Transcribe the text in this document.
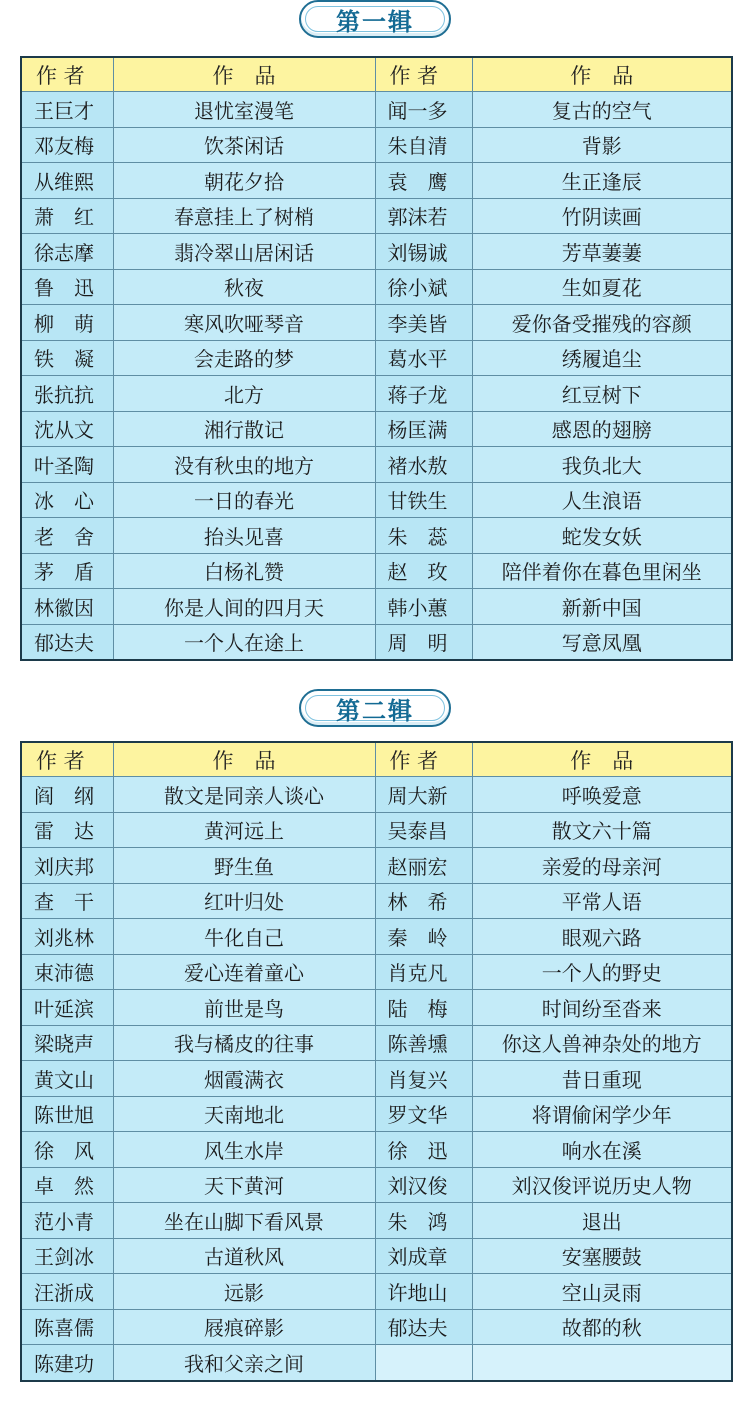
第一辑
作 者	作　品	作 者	作　品
王巨才	退忧室漫笔	闻一多	复古的空气
邓友梅	饮茶闲话	朱自清	背影
从维熙	朝花夕拾	袁　鹰	生正逢辰
萧　红	春意挂上了树梢	郭沫若	竹阴读画
徐志摩	翡冷翠山居闲话	刘锡诚	芳草萋萋
鲁　迅	秋夜	徐小斌	生如夏花
柳　萌	寒风吹哑琴音	李美皆	爱你备受摧残的容颜
铁　凝	会走路的梦	葛水平	绣履追尘
张抗抗	北方	蒋子龙	红豆树下
沈从文	湘行散记	杨匡满	感恩的翅膀
叶圣陶	没有秋虫的地方	褚水敖	我负北大
冰　心	一日的春光	甘铁生	人生浪语
老　舍	抬头见喜	朱　蕊	蛇发女妖
茅　盾	白杨礼赞	赵　玫	陪伴着你在暮色里闲坐
林徽因	你是人间的四月天	韩小蕙	新新中国
郁达夫	一个人在途上	周　明	写意凤凰
第二辑
作 者	作　品	作 者	作　品
阎　纲	散文是同亲人谈心	周大新	呼唤爱意
雷　达	黄河远上	吴泰昌	散文六十篇
刘庆邦	野生鱼	赵丽宏	亲爱的母亲河
查　干	红叶归处	林　希	平常人语
刘兆林	牛化自己	秦　岭	眼观六路
束沛德	爱心连着童心	肖克凡	一个人的野史
叶延滨	前世是鸟	陆　梅	时间纷至沓来
梁晓声	我与橘皮的往事	陈善壎	你这人兽神杂处的地方
黄文山	烟霞满衣	肖复兴	昔日重现
陈世旭	天南地北	罗文华	将谓偷闲学少年
徐　风	风生水岸	徐　迅	响水在溪
卓　然	天下黄河	刘汉俊	刘汉俊评说历史人物
范小青	坐在山脚下看风景	朱　鸿	退出
王剑冰	古道秋风	刘成章	安塞腰鼓
汪浙成	远影	许地山	空山灵雨
陈喜儒	屐痕碎影	郁达夫	故都的秋
陈建功	我和父亲之间		
